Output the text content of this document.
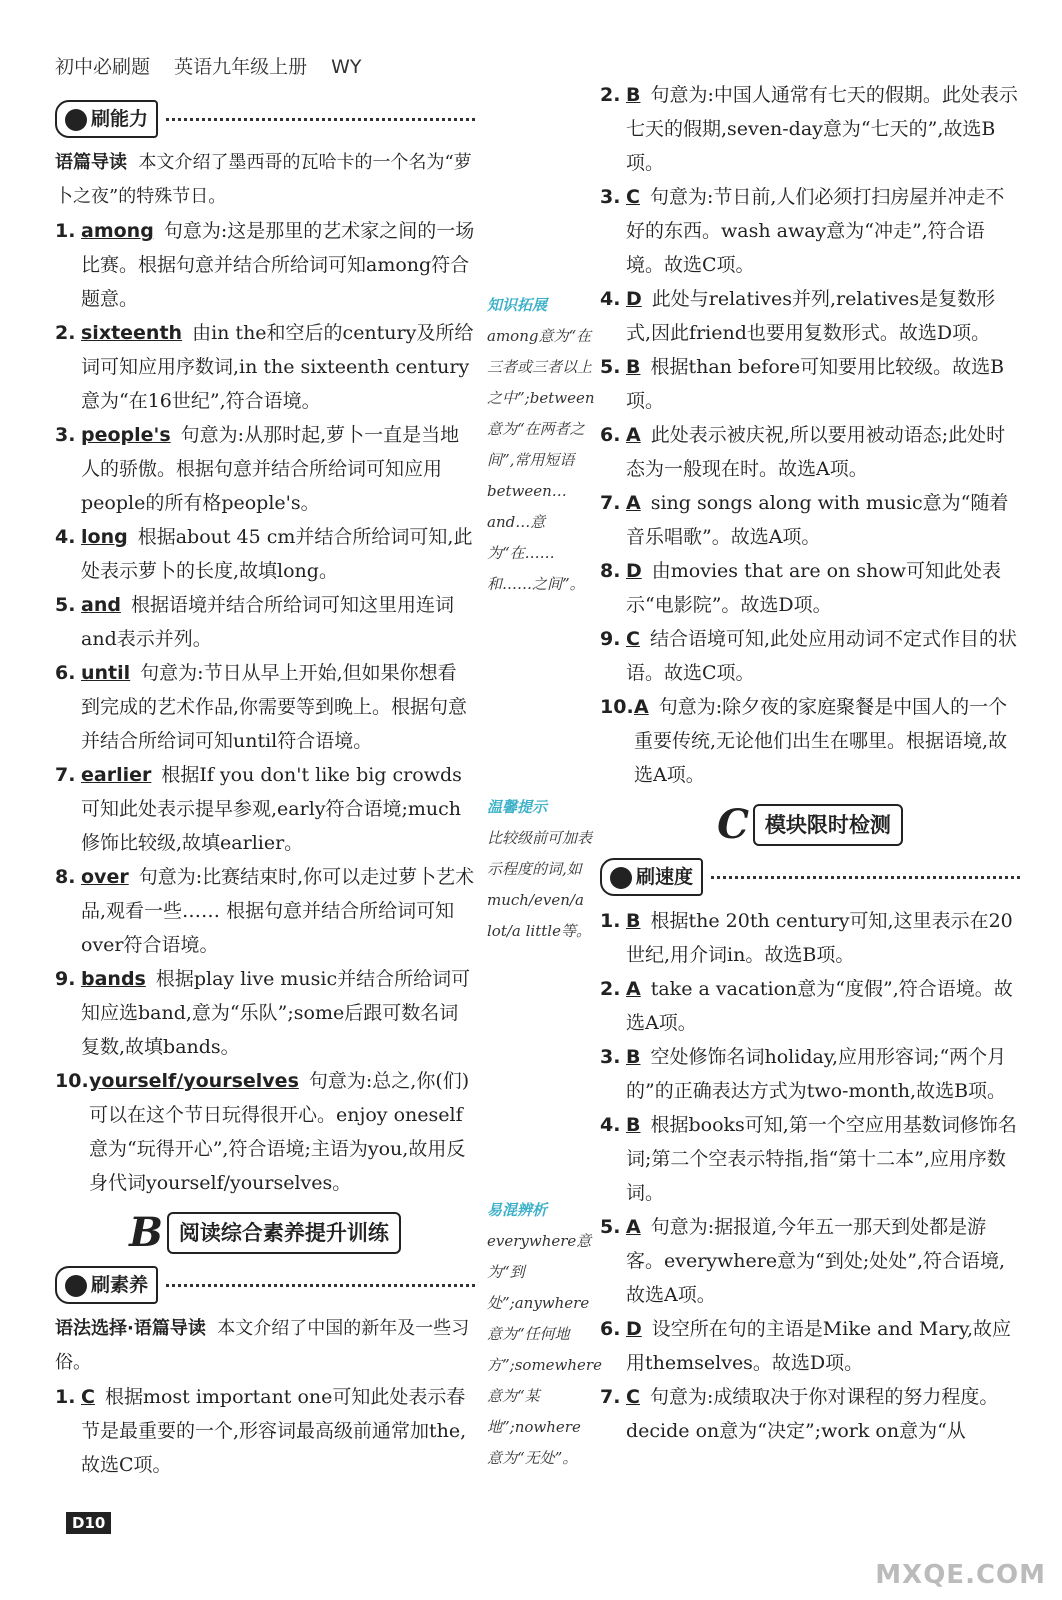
初中必刷题 英语九年级上册 WY
刷能力
语篇导读 本文介绍了墨西哥的瓦哈卡的一个名为“萝卜之夜”的特殊节日。
1. among 句意为:这是那里的艺术家之间的一场比赛。根据句意并结合所给词可知among符合题意。
2. sixteenth 由in the和空后的century及所给词可知应用序数词,in the sixteenth century意为“在16世纪”,符合语境。
3. people's 句意为:从那时起,萝卜一直是当地人的骄傲。根据句意并结合所给词可知应用people的所有格people's。
4. long 根据about 45 cm并结合所给词可知,此处表示萝卜的长度,故填long。
5. and 根据语境并结合所给词可知这里用连词and表示并列。
6. until 句意为:节日从早上开始,但如果你想看到完成的艺术作品,你需要等到晚上。根据句意并结合所给词可知until符合语境。
7. earlier 根据If you don't like big crowds可知此处表示提早参观,early符合语境;much修饰比较级,故填earlier。
8. over 句意为:比赛结束时,你可以走过萝卜艺术品,观看一些…… 根据句意并结合所给词可知over符合语境。
9. bands 根据play live music并结合所给词可知应选band,意为“乐队”;some后跟可数名词复数,故填bands。
10. yourself/yourselves 句意为:总之,你(们)可以在这个节日玩得很开心。enjoy oneself意为“玩得开心”,符合语境;主语为you,故用反身代词yourself/yourselves。
B 阅读综合素养提升训练
刷素养
语法选择·语篇导读 本文介绍了中国的新年及一些习俗。
1. C 根据most important one可知此处表示春节是最重要的一个,形容词最高级前通常加the,故选C项。
知识拓展
among意为“在三者或三者以上之中”;between意为“在两者之间”,常用短语between…and…意为“在……和……之间”。
温馨提示
比较级前可加表示程度的词,如much/even/a lot/a little等。
易混辨析
everywhere意为“到处”;anywhere意为“任何地方”;somewhere意为“某地”;nowhere意为“无处”。
2. B 句意为:中国人通常有七天的假期。此处表示七天的假期,seven-day意为“七天的”,故选B项。
3. C 句意为:节日前,人们必须打扫房屋并冲走不好的东西。wash away意为“冲走”,符合语境。故选C项。
4. D 此处与relatives并列,relatives是复数形式,因此friend也要用复数形式。故选D项。
5. B 根据than before可知要用比较级。故选B项。
6. A 此处表示被庆祝,所以要用被动语态;此处时态为一般现在时。故选A项。
7. A sing songs along with music意为“随着音乐唱歌”。故选A项。
8. D 由movies that are on show可知此处表示“电影院”。故选D项。
9. C 结合语境可知,此处应用动词不定式作目的状语。故选C项。
10. A 句意为:除夕夜的家庭聚餐是中国人的一个重要传统,无论他们出生在哪里。根据语境,故选A项。
C 模块限时检测
刷速度
1. B 根据the 20th century可知,这里表示在20世纪,用介词in。故选B项。
2. A take a vacation意为“度假”,符合语境。故选A项。
3. B 空处修饰名词holiday,应用形容词;“两个月的”的正确表达方式为two-month,故选B项。
4. B 根据books可知,第一个空应用基数词修饰名词;第二个空表示特指,指“第十二本”,应用序数词。
5. A 句意为:据报道,今年五一那天到处都是游客。everywhere意为“到处;处处”,符合语境,故选A项。
6. D 设空所在句的主语是Mike and Mary,故应用themselves。故选D项。
7. C 句意为:成绩取决于你对课程的努力程度。decide on意为“决定”;work on意为“从
D10
MXQE.COM
